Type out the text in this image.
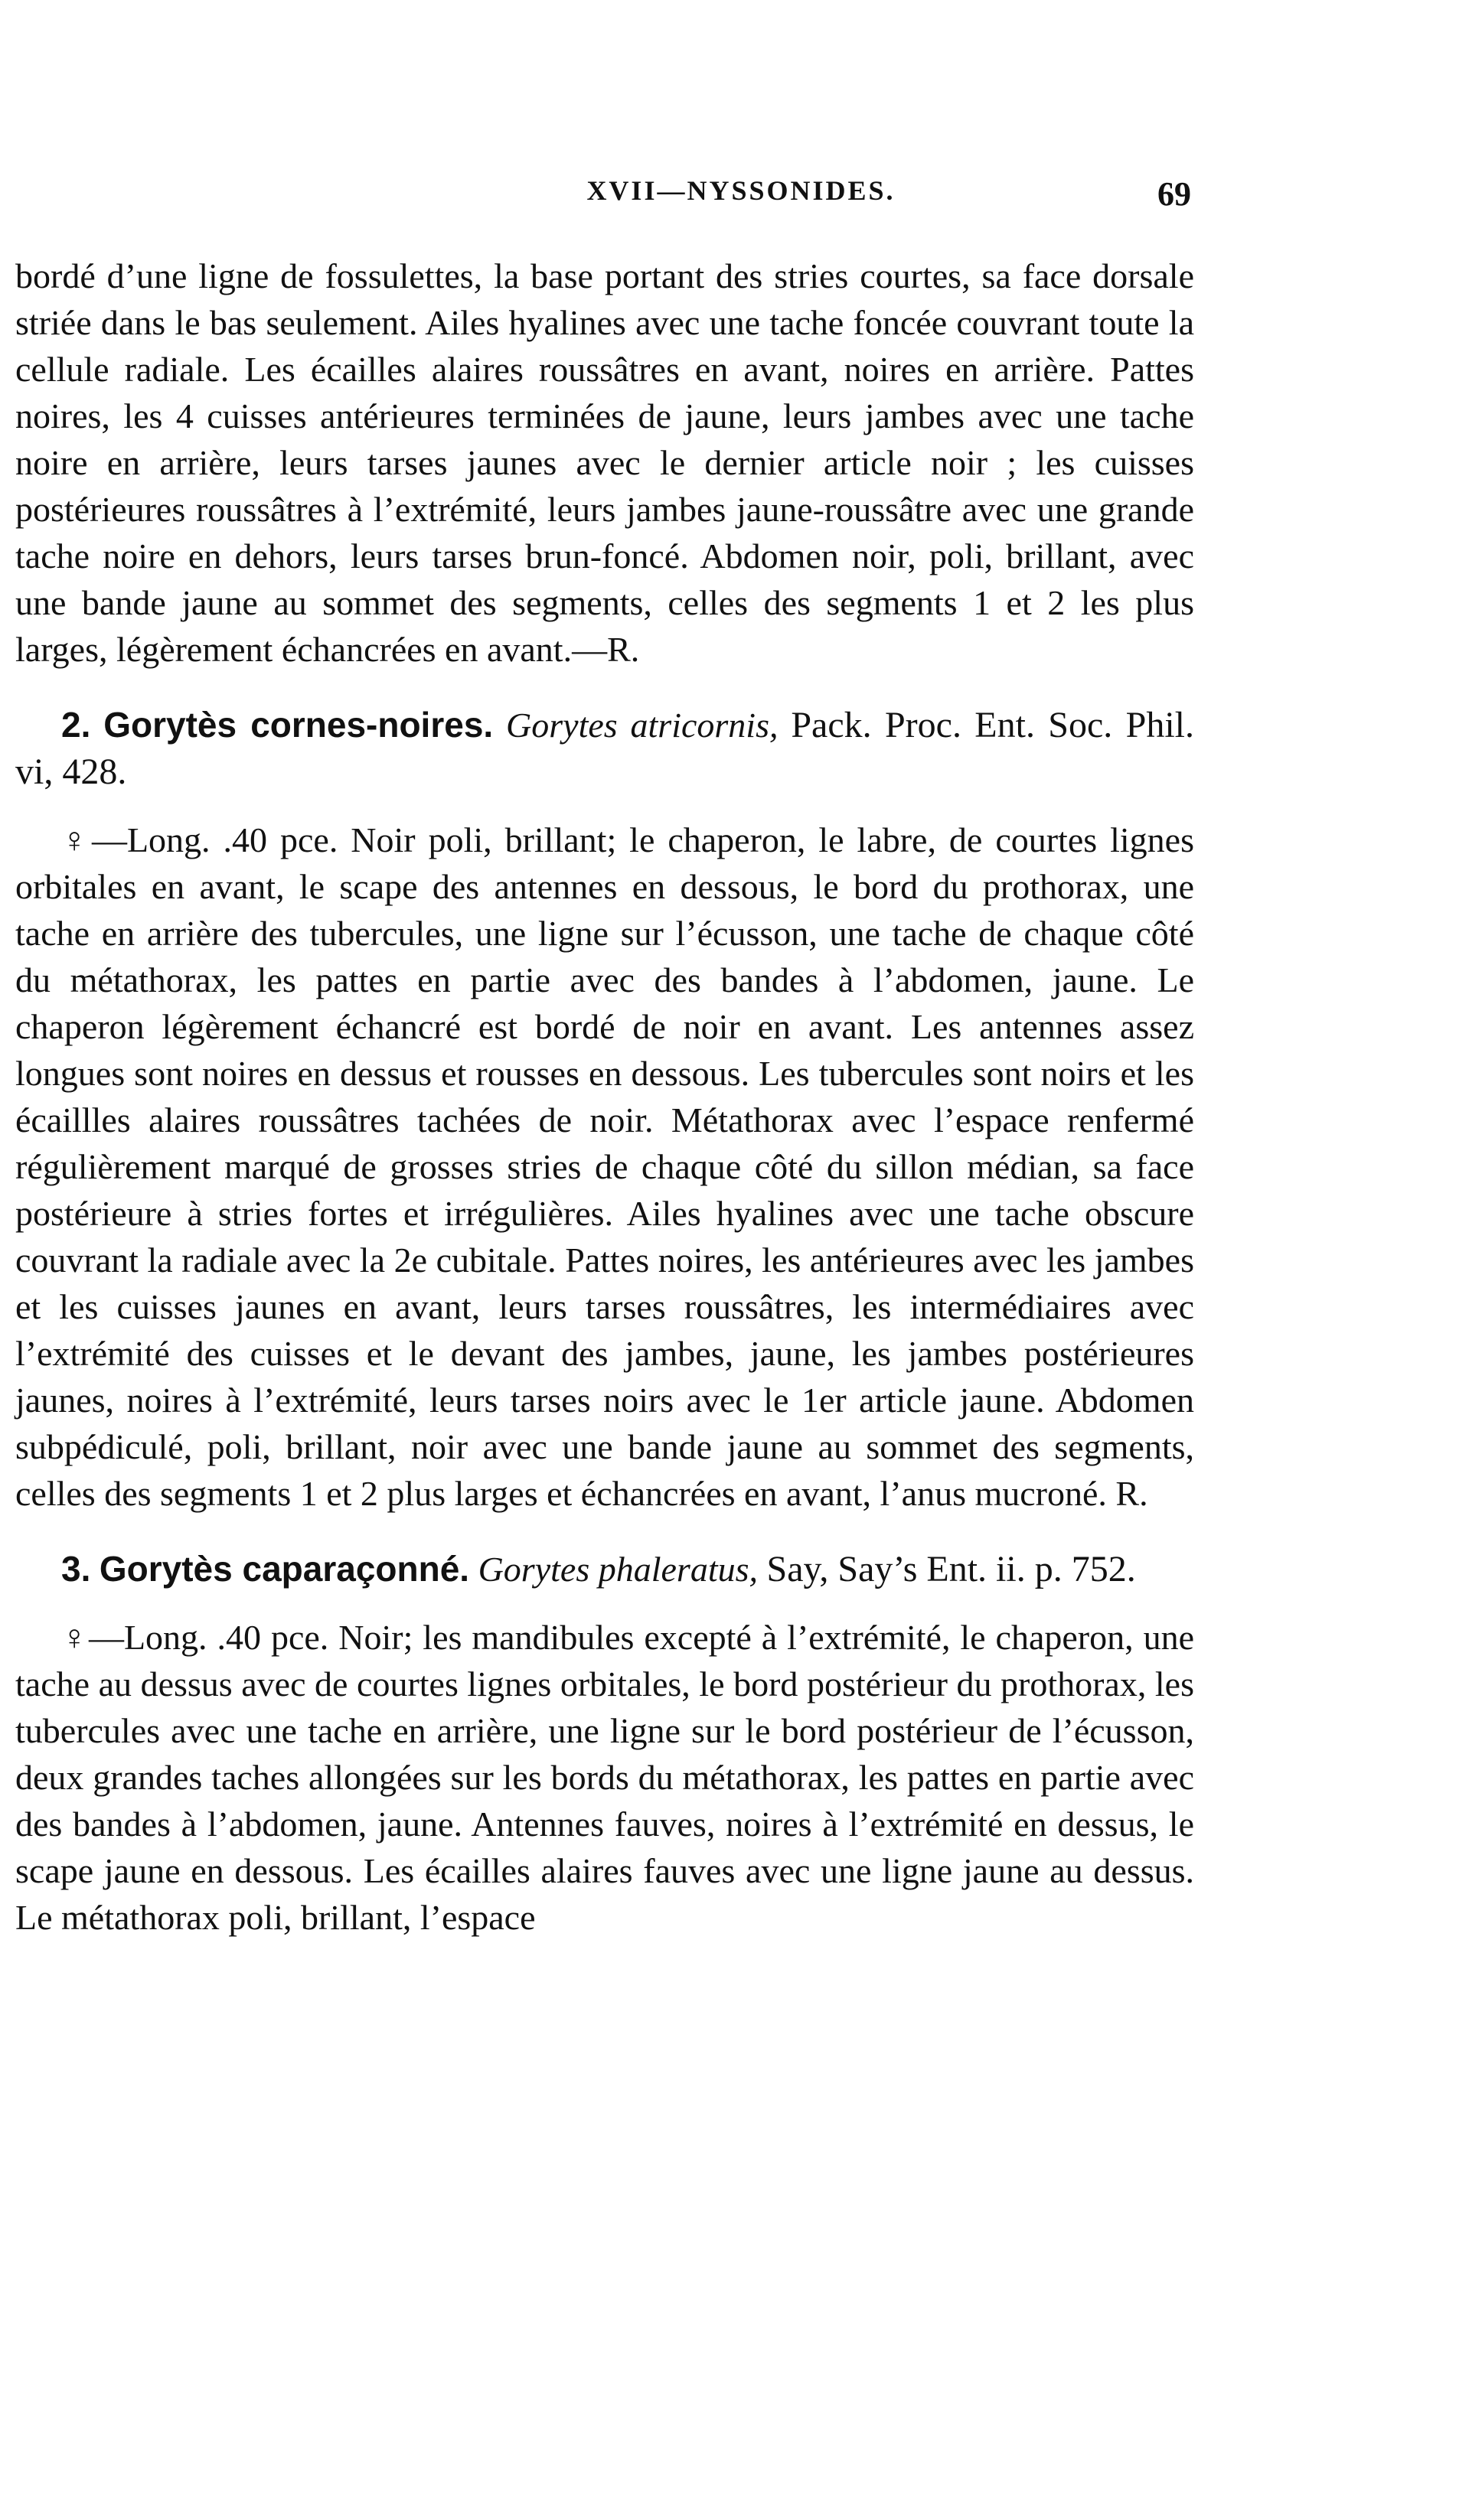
XVII—NYSSONIDES.	69

bordé d’une ligne de fossulettes, la base portant des stries courtes, sa face dorsale striée dans le bas seulement. Ailes hyalines avec une tache foncée couvrant toute la cellule radiale. Les écailles alaires roussâtres en avant, noires en arrière. Pattes noires, les 4 cuisses antérieures terminées de jaune, leurs jambes avec une tache noire en arrière, leurs tarses jaunes avec le dernier article noir ; les cuisses postérieures roussâtres à l’extrémité, leurs jambes jaune-roussâtre avec une grande tache noire en dehors, leurs tarses brun-foncé. Abdomen noir, poli, brillant, avec une bande jaune au sommet des segments, celles des segments 1 et 2 les plus larges, légèrement échancrées en avant.—R.

2. Gorytès cornes-noires. Gorytes atricornis, Pack. Proc. Ent. Soc. Phil. vi, 428.

♀—Long. .40 pce. Noir poli, brillant; le chaperon, le labre, de courtes lignes orbitales en avant, le scape des antennes en dessous, le bord du prothorax, une tache en arrière des tubercules, une ligne sur l’écusson, une tache de chaque côté du métathorax, les pattes en partie avec des bandes à l’abdomen, jaune. Le chaperon légèrement échancré est bordé de noir en avant. Les antennes assez longues sont noires en dessus et rousses en dessous. Les tubercules sont noirs et les écaillles alaires roussâtres tachées de noir. Métathorax avec l’espace renfermé régulièrement marqué de grosses stries de chaque côté du sillon médian, sa face postérieure à stries fortes et irrégulières. Ailes hyalines avec une tache obscure couvrant la radiale avec la 2e cubitale. Pattes noires, les antérieures avec les jambes et les cuisses jaunes en avant, leurs tarses roussâtres, les intermédiaires avec l’extrémité des cuisses et le devant des jambes, jaune, les jambes postérieures jaunes, noires à l’extrémité, leurs tarses noirs avec le 1er article jaune. Abdomen subpédiculé, poli, brillant, noir avec une bande jaune au sommet des segments, celles des segments 1 et 2 plus larges et échancrées en avant, l’anus mucroné. R.

3. Gorytès caparaçonné. Gorytes phaleratus, Say, Say’s Ent. ii. p. 752.

♀—Long. .40 pce. Noir; les mandibules excepté à l’extrémité, le chaperon, une tache au dessus avec de courtes lignes orbitales, le bord postérieur du prothorax, les tubercules avec une tache en arrière, une ligne sur le bord postérieur de l’écusson, deux grandes taches allongées sur les bords du métathorax, les pattes en partie avec des bandes à l’abdomen, jaune. Antennes fauves, noires à l’extrémité en dessus, le scape jaune en dessous. Les écailles alaires fauves avec une ligne jaune au dessus. Le métathorax poli, brillant, l’espace
